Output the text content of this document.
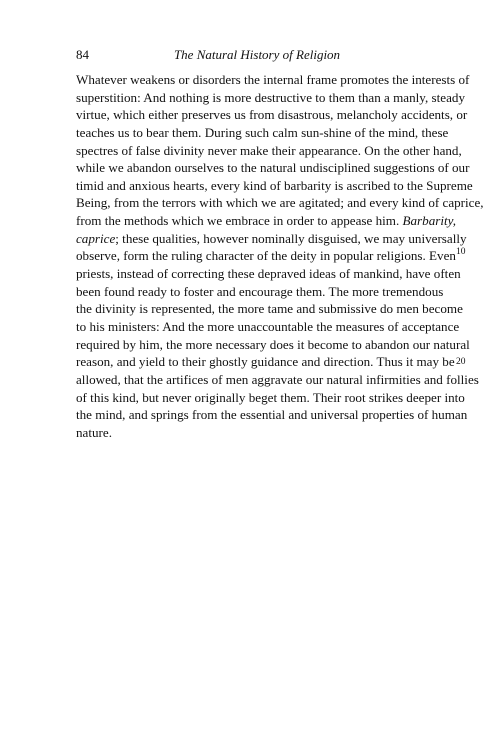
84	The Natural History of Religion
Whatever weakens or disorders the internal frame promotes the interests of
superstition: And nothing is more destructive to them than a manly, steady
virtue, which either preserves us from disastrous, melancholy accidents, or
teaches us to bear them. During such calm sun-shine of the mind, these
spectres of false divinity never make their appearance. On the other hand,
while we abandon ourselves to the natural undisciplined suggestions of our
timid and anxious hearts, every kind of barbarity is ascribed to the Supreme
Being, from the terrors with which we are agitated; and every kind of caprice,
from the methods which we embrace in order to appease him. Barbarity,
caprice; these qualities, however nominally disguised, we may universally
observe, form the ruling character of the deity in popular religions. Even
priests, instead of correcting these depraved ideas of mankind, have often
been found ready to foster and encourage them. The more tremendous
the divinity is represented, the more tame and submissive do men become
to his ministers: And the more unaccountable the measures of acceptance
required by him, the more necessary does it become to abandon our natural
reason, and yield to their ghostly guidance and direction. Thus it may be
allowed, that the artifices of men aggravate our natural infirmities and follies
of this kind, but never originally beget them. Their root strikes deeper into
the mind, and springs from the essential and universal properties of human
nature.
10
20
